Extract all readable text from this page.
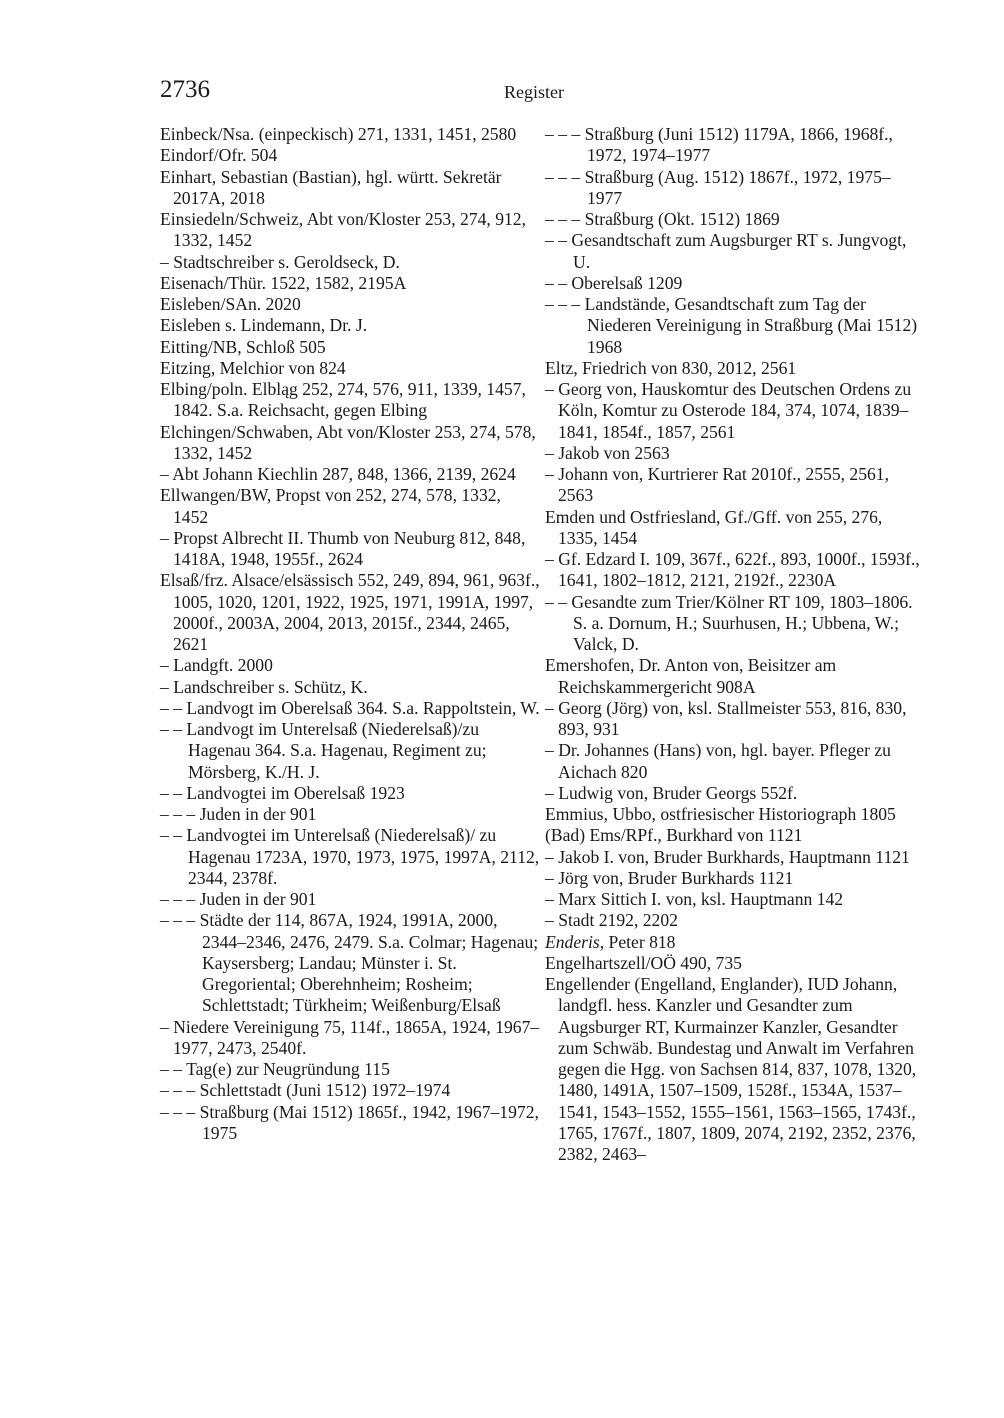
2736	Register
Einbeck/Nsa. (einpeckisch) 271, 1331, 1451, 2580
Eindorf/Ofr. 504
Einhart, Sebastian (Bastian), hgl. württ. Sekretär 2017A, 2018
Einsiedeln/Schweiz, Abt von/Kloster 253, 274, 912, 1332, 1452
– Stadtschreiber s. Geroldseck, D.
Eisenach/Thür. 1522, 1582, 2195A
Eisleben/SAn. 2020
Eisleben s. Lindemann, Dr. J.
Eitting/NB, Schloß 505
Eitzing, Melchior von 824
Elbing/poln. Elbląg 252, 274, 576, 911, 1339, 1457, 1842. S.a. Reichsacht, gegen Elbing
Elchingen/Schwaben, Abt von/Kloster 253, 274, 578, 1332, 1452
– Abt Johann Kiechlin 287, 848, 1366, 2139, 2624
Ellwangen/BW, Propst von 252, 274, 578, 1332, 1452
– Propst Albrecht II. Thumb von Neuburg 812, 848, 1418A, 1948, 1955f., 2624
Elsaß/frz. Alsace/elsässisch 552, 249, 894, 961, 963f., 1005, 1020, 1201, 1922, 1925, 1971, 1991A, 1997, 2000f., 2003A, 2004, 2013, 2015f., 2344, 2465, 2621
– Landgft. 2000
– Landschreiber s. Schütz, K.
– – Landvogt im Oberelsaß 364. S.a. Rappoltstein, W.
– – Landvogt im Unterelsaß (Niederelsaß)/zu Hagenau 364. S.a. Hagenau, Regiment zu; Mörsberg, K./H. J.
– – Landvogtei im Oberelsaß 1923
– – – Juden in der 901
– – Landvogtei im Unterelsaß (Niederelsaß)/ zu Hagenau 1723A, 1970, 1973, 1975, 1997A, 2112, 2344, 2378f.
– – – Juden in der 901
– – – Städte der 114, 867A, 1924, 1991A, 2000, 2344–2346, 2476, 2479. S.a. Colmar; Hagenau; Kaysersberg; Landau; Münster i. St. Gregoriental; Oberehnheim; Rosheim; Schlettstadt; Türkheim; Weißenburg/Elsaß
– Niedere Vereinigung 75, 114f., 1865A, 1924, 1967–1977, 2473, 2540f.
– – Tag(e) zur Neugründung 115
– – – Schlettstadt (Juni 1512) 1972–1974
– – – Straßburg (Mai 1512) 1865f., 1942, 1967–1972, 1975
– – – Straßburg (Juni 1512) 1179A, 1866, 1968f., 1972, 1974–1977
– – – Straßburg (Aug. 1512) 1867f., 1972, 1975–1977
– – – Straßburg (Okt. 1512) 1869
– – Gesandtschaft zum Augsburger RT s. Jungvogt, U.
– – Oberelsaß 1209
– – – Landstände, Gesandtschaft zum Tag der Niederen Vereinigung in Straßburg (Mai 1512) 1968
Eltz, Friedrich von 830, 2012, 2561
– Georg von, Hauskomtur des Deutschen Ordens zu Köln, Komtur zu Osterode 184, 374, 1074, 1839–1841, 1854f., 1857, 2561
– Jakob von 2563
– Johann von, Kurtrierer Rat 2010f., 2555, 2561, 2563
Emden und Ostfriesland, Gf./Gff. von 255, 276, 1335, 1454
– Gf. Edzard I. 109, 367f., 622f., 893, 1000f., 1593f., 1641, 1802–1812, 2121, 2192f., 2230A
– – Gesandte zum Trier/Kölner RT 109, 1803–1806. S. a. Dornum, H.; Suurhusen, H.; Ubbena, W.; Valck, D.
Emershofen, Dr. Anton von, Beisitzer am Reichskammergericht 908A
– Georg (Jörg) von, ksl. Stallmeister 553, 816, 830, 893, 931
– Dr. Johannes (Hans) von, hgl. bayer. Pfleger zu Aichach 820
– Ludwig von, Bruder Georgs 552f.
Emmius, Ubbo, ostfriesischer Historiograph 1805
(Bad) Ems/RPf., Burkhard von 1121
– Jakob I. von, Bruder Burkhards, Hauptmann 1121
– Jörg von, Bruder Burkhards 1121
– Marx Sittich I. von, ksl. Hauptmann 142
– Stadt 2192, 2202
Enderis, Peter 818
Engelhartszell/OÖ 490, 735
Engellender (Engelland, Englander), IUD Johann, landgfl. hess. Kanzler und Gesandter zum Augsburger RT, Kurmainzer Kanzler, Gesandter zum Schwäb. Bundestag und Anwalt im Verfahren gegen die Hgg. von Sachsen 814, 837, 1078, 1320, 1480, 1491A, 1507–1509, 1528f., 1534A, 1537–1541, 1543–1552, 1555–1561, 1563–1565, 1743f., 1765, 1767f., 1807, 1809, 2074, 2192, 2352, 2376, 2382, 2463–
